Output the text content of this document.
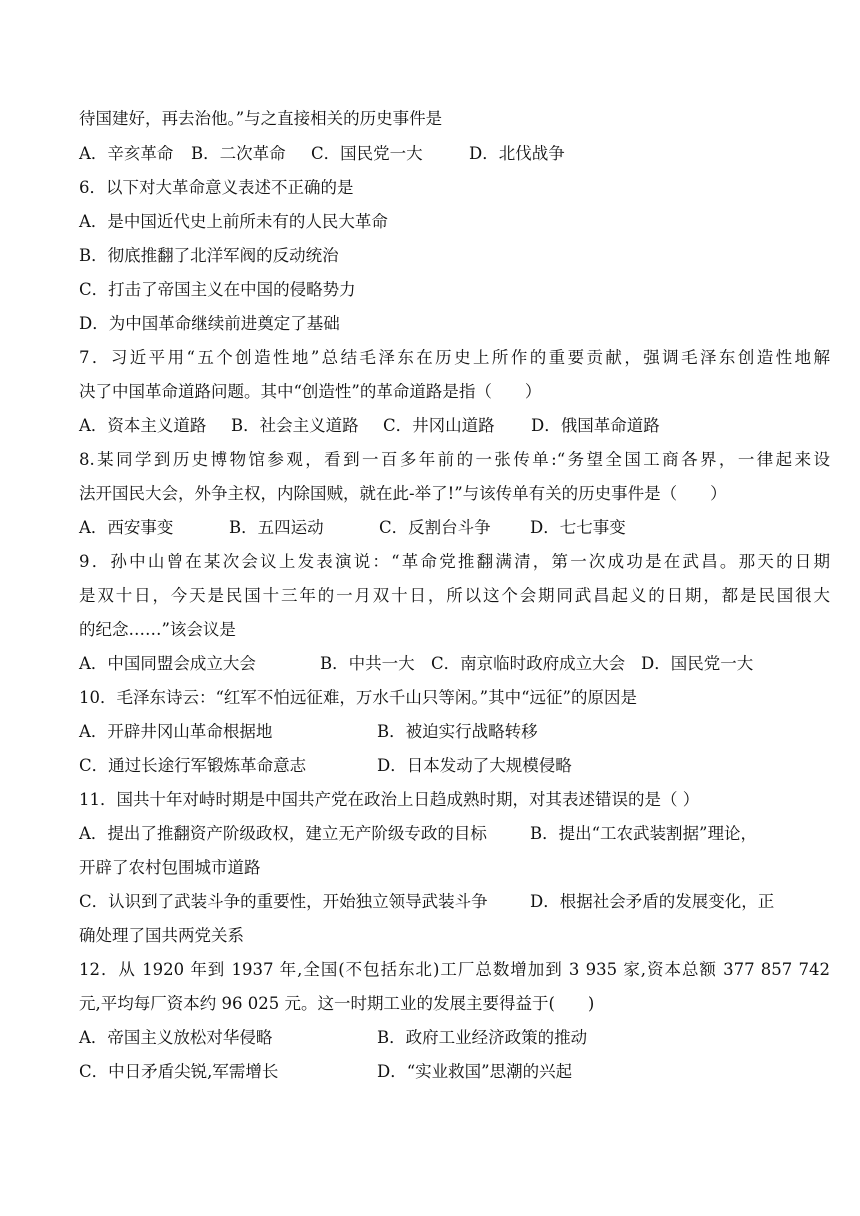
待国建好，再去治他。”与之直接相关的历史事件是
A．辛亥革命 B．二次革命 C．国民党一大	D．北伐战争
6．以下对大革命意义表述不正确的是
A．是中国近代史上前所未有的人民大革命
B．彻底推翻了北洋军阀的反动统治
C．打击了帝国主义在中国的侵略势力
D．为中国革命继续前进奠定了基础
7．习近平用“五个创造性地”总结毛泽东在历史上所作的重要贡献，强调毛泽东创造性地解
决了中国革命道路问题。其中“创造性”的革命道路是指（　　）
A．资本主义道路 B．社会主义道路 C．井冈山道路 D．俄国革命道路
8.某同学到历史博物馆参观，看到一百多年前的一张传单:“务望全国工商各界，一律起来设
法开国民大会，外争主权，内除国贼，就在此-举了!”与该传单有关的历史事件是（　　）
A．西安事变	B．五四运动	C．反割台斗争 D．七七事变
9．孙中山曾在某次会议上发表演说：“革命党推翻满清，第一次成功是在武昌。那天的日期
是双十日，今天是民国十三年的一月双十日，所以这个会期同武昌起义的日期，都是民国很大
的纪念……”该会议是
A．中国同盟会成立大会	B．中共一大 C．南京临时政府成立大会 D．国民党一大
10．毛泽东诗云：“红军不怕远征难，万水千山只等闲。”其中“远征”的原因是
A．开辟井冈山革命根据地	B．被迫实行战略转移
C．通过长途行军锻炼革命意志	D．日本发动了大规模侵略
11．国共十年对峙时期是中国共产党在政治上日趋成熟时期，对其表述错误的是（ ）
A．提出了推翻资产阶级政权，建立无产阶级专政的目标	B．提出“工农武装割据”理论，
开辟了农村包围城市道路
C．认识到了武装斗争的重要性，开始独立领导武装斗争	D．根据社会矛盾的发展变化，正
确处理了国共两党关系
12．从 1920 年到 1937 年,全国(不包括东北)工厂总数增加到 3 935 家,资本总额 377 857 742
元,平均每厂资本约 96 025 元。这一时期工业的发展主要得益于(　　)
A．帝国主义放松对华侵略	B．政府工业经济政策的推动
C．中日矛盾尖锐,军需增长	D．“实业救国”思潮的兴起
